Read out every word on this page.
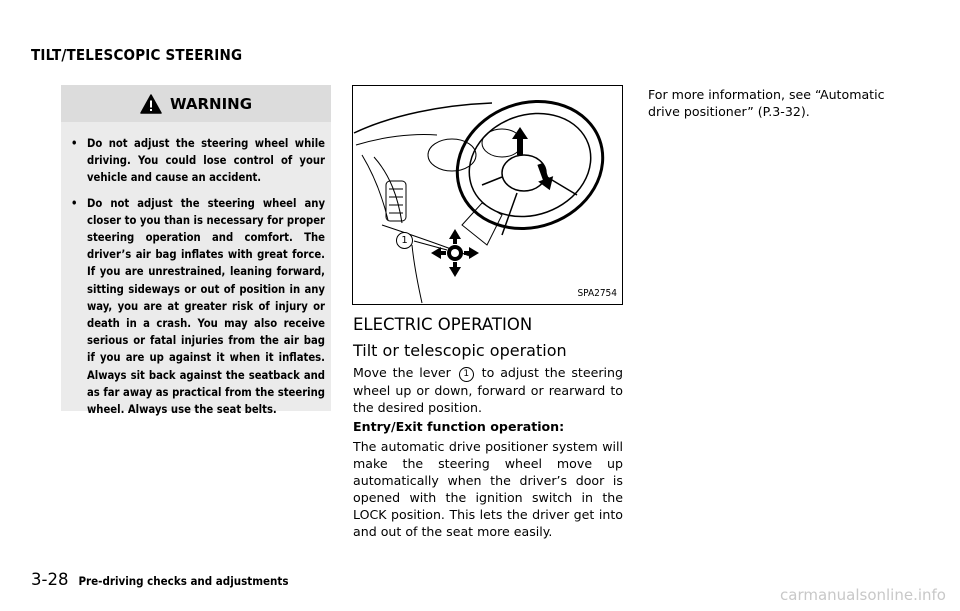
TILT/TELESCOPIC STEERING
WARNING
• Do not adjust the steering wheel while driving. You could lose control of your vehicle and cause an accident.
• Do not adjust the steering wheel any closer to you than is necessary for proper steering operation and comfort. The driver’s air bag inflates with great force. If you are unrestrained, leaning forward, sitting sideways or out of position in any way, you are at greater risk of injury or death in a crash. You may also receive serious or fatal injuries from the air bag if you are up against it when it inflates. Always sit back against the seatback and as far away as practical from the steering wheel. Always use the seat belts.
1
SPA2754
ELECTRIC OPERATION
Tilt or telescopic operation

Move the lever 1 to adjust the steering wheel up or down, forward or rearward to the desired position.

Entry/Exit function operation:

The automatic drive positioner system will make the steering wheel move up automatically when the driver’s door is opened with the ignition switch in the LOCK position. This lets the driver get into and out of the seat more easily.

For more information, see “Automatic drive positioner” (P.3-32).

3-28 Pre-driving checks and adjustments
carmanualsonline.info
